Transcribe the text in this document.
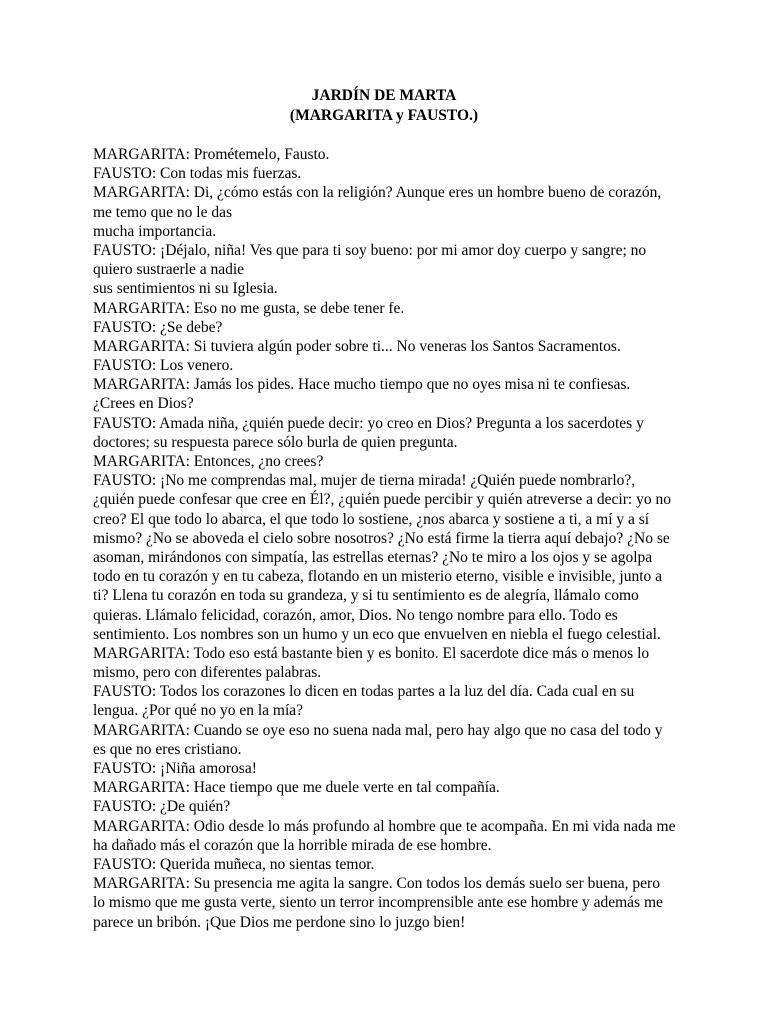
JARDÍN DE MARTA
(MARGARITA y FAUSTO.)
MARGARITA: Prométemelo, Fausto.
FAUSTO: Con todas mis fuerzas.
MARGARITA: Di, ¿cómo estás con la religión? Aunque eres un hombre bueno de corazón,
me temo que no le das
mucha importancia.
FAUSTO: ¡Déjalo, niña! Ves que para ti soy bueno: por mi amor doy cuerpo y sangre; no
quiero sustraerle a nadie
sus sentimientos ni su Iglesia.
MARGARITA: Eso no me gusta, se debe tener fe.
FAUSTO: ¿Se debe?
MARGARITA: Si tuviera algún poder sobre ti... No veneras los Santos Sacramentos.
FAUSTO: Los venero.
MARGARITA: Jamás los pides. Hace mucho tiempo que no oyes misa ni te confiesas.
¿Crees en Dios?
FAUSTO: Amada niña, ¿quién puede decir: yo creo en Dios? Pregunta a los sacerdotes y
doctores; su respuesta parece sólo burla de quien pregunta.
MARGARITA: Entonces, ¿no crees?
FAUSTO: ¡No me comprendas mal, mujer de tierna mirada! ¿Quién puede nombrarlo?,
¿quién puede confesar que cree en Él?, ¿quién puede percibir y quién atreverse a decir: yo no
creo? El que todo lo abarca, el que todo lo sostiene, ¿nos abarca y sostiene a ti, a mí y a sí
mismo? ¿No se aboveda el cielo sobre nosotros? ¿No está firme la tierra aquí debajo? ¿No se
asoman, mirándonos con simpatía, las estrellas eternas? ¿No te miro a los ojos y se agolpa
todo en tu corazón y en tu cabeza, flotando en un misterio eterno, visible e invisible, junto a
ti? Llena tu corazón en toda su grandeza, y si tu sentimiento es de alegría, llámalo como
quieras. Llámalo felicidad, corazón, amor, Dios. No tengo nombre para ello. Todo es
sentimiento. Los nombres son un humo y un eco que envuelven en niebla el fuego celestial.
MARGARITA: Todo eso está bastante bien y es bonito. El sacerdote dice más o menos lo
mismo, pero con diferentes palabras.
FAUSTO: Todos los corazones lo dicen en todas partes a la luz del día. Cada cual en su
lengua. ¿Por qué no yo en la mía?
MARGARITA: Cuando se oye eso no suena nada mal, pero hay algo que no casa del todo y
es que no eres cristiano.
FAUSTO: ¡Niña amorosa!
MARGARITA: Hace tiempo que me duele verte en tal compañía.
FAUSTO: ¿De quién?
MARGARITA: Odio desde lo más profundo al hombre que te acompaña. En mi vida nada me
ha dañado más el corazón que la horrible mirada de ese hombre.
FAUSTO: Querida muñeca, no sientas temor.
MARGARITA: Su presencia me agita la sangre. Con todos los demás suelo ser buena, pero
lo mismo que me gusta verte, siento un terror incomprensible ante ese hombre y además me
parece un bribón. ¡Que Dios me perdone sino lo juzgo bien!
